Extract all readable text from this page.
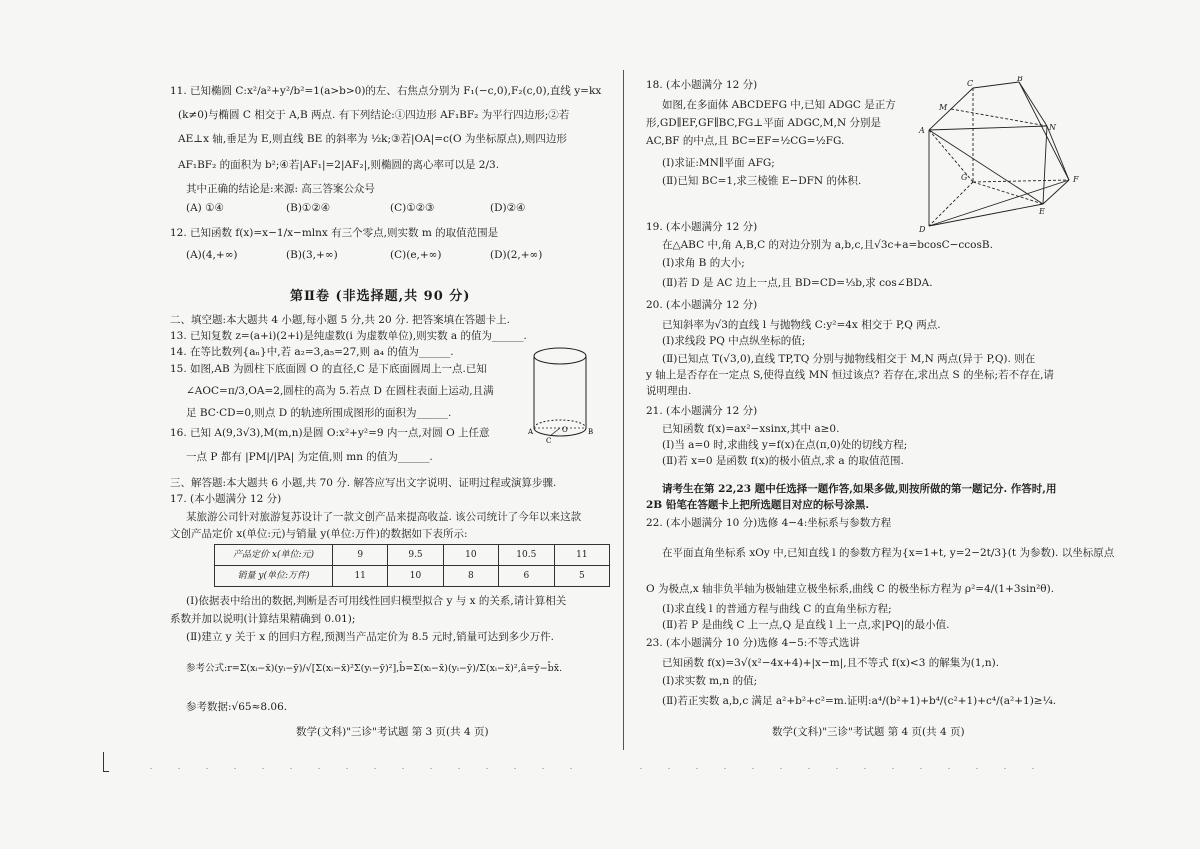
11. 已知椭圆 C:x²/a²+y²/b²=1(a>b>0)的左、右焦点分别为 F₁(−c,0),F₂(c,0),直线 y=kx
(k≠0)与椭圆 C 相交于 A,B 两点. 有下列结论:①四边形 AF₁BF₂ 为平行四边形;②若
AE⊥x 轴,垂足为 E,则直线 BE 的斜率为 ½k;③若|OA|=c(O 为坐标原点),则四边形
AF₁BF₂ 的面积为 b²;④若|AF₁|=2|AF₂|,则椭圆的离心率可以是 2/3.
其中正确的结论是:来源: 高三答案公众号
(A) ①④	(B)①②④	(C)①②③	(D)②④
12. 已知函数 f(x)=x−1/x−mlnx 有三个零点,则实数 m 的取值范围是
(A)(4,+∞)	(B)(3,+∞)	(C)(e,+∞)	(D)(2,+∞)
第Ⅱ卷 (非选择题,共 90 分)
二、填空题:本大题共 4 小题,每小题 5 分,共 20 分. 把答案填在答题卡上.
13. 已知复数 z=(a+i)(2+i)是纯虚数(i 为虚数单位),则实数 a 的值为______.
14. 在等比数列{aₙ}中,若 a₂=3,a₅=27,则 a₄ 的值为______.
15. 如图,AB 为圆柱下底面圆 O 的直径,C 是下底面圆周上一点.已知
∠AOC=π/3,OA=2,圆柱的高为 5.若点 D 在圆柱表面上运动,且满
足 BC·CD=0,则点 D 的轨迹所围成图形的面积为______.
16. 已知 A(9,3√3),M(m,n)是圆 O:x²+y²=9 内一点,对圆 O 上任意
一点 P 都有 |PM|/|PA| 为定值,则 mn 的值为______.
A	O	B
C
三、解答题:本大题共 6 小题,共 70 分. 解答应写出文字说明、证明过程或演算步骤.
17. (本小题满分 12 分)
某旅游公司针对旅游复苏设计了一款文创产品来提高收益. 该公司统计了今年以来这款
文创产品定价 x(单位:元)与销量 y(单位:万件)的数据如下表所示:
产品定价 x(单位:元)	9	9.5	10	10.5	11
销量 y(单位:万件)	11	10	8	6	5
(Ⅰ)依据表中给出的数据,判断是否可用线性回归模型拟合 y 与 x 的关系,请计算相关
系数并加以说明(计算结果精确到 0.01);
(Ⅱ)建立 y 关于 x 的回归方程,预测当产品定价为 8.5 元时,销量可达到多少万件.
参考公式:r=Σ(xᵢ−x̄)(yᵢ−ȳ)/√[Σ(xᵢ−x̄)²Σ(yᵢ−ȳ)²],b̂=Σ(xᵢ−x̄)(yᵢ−ȳ)/Σ(xᵢ−x̄)²,â=ȳ−b̂x̄.
参考数据:√65≈8.06.
数学(文科)"三诊"考试题 第 3 页(共 4 页)
18. (本小题满分 12 分)
如图,在多面体 ABCDEFG 中,已知 ADGC 是正方
形,GD∥EF,GF∥BC,FG⊥平面 ADGC,M,N 分别是
AC,BF 的中点,且 BC=EF=½CG=½FG.
(Ⅰ)求证:MN∥平面 AFG;
(Ⅱ)已知 BC=1,求三棱锥 E−DFN 的体积.
19. (本小题满分 12 分)
在△ABC 中,角 A,B,C 的对边分别为 a,b,c,且√3c+a=bcosC−ccosB.
(Ⅰ)求角 B 的大小;
(Ⅱ)若 D 是 AC 边上一点,且 BD=CD=⅓b,求 cos∠BDA.
20. (本小题满分 12 分)
已知斜率为√3的直线 l 与抛物线 C:y²=4x 相交于 P,Q 两点.
(Ⅰ)求线段 PQ 中点纵坐标的值;
(Ⅱ)已知点 T(√3,0),直线 TP,TQ 分别与抛物线相交于 M,N 两点(异于 P,Q). 则在
y 轴上是否存在一定点 S,使得直线 MN 恒过该点? 若存在,求出点 S 的坐标;若不存在,请
说明理由.
21. (本小题满分 12 分)
已知函数 f(x)=ax²−xsinx,其中 a≥0.
(Ⅰ)当 a=0 时,求曲线 y=f(x)在点(π,0)处的切线方程;
(Ⅱ)若 x=0 是函数 f(x)的极小值点,求 a 的取值范围.
请考生在第 22,23 题中任选择一题作答,如果多做,则按所做的第一题记分. 作答时,用
2B 铅笔在答题卡上把所选题目对应的标号涂黑.
22. (本小题满分 10 分)选修 4−4:坐标系与参数方程
在平面直角坐标系 xOy 中,已知直线 l 的参数方程为{x=1+t, y=2−2t/3}(t 为参数). 以坐标原点
O 为极点,x 轴非负半轴为极轴建立极坐标系,曲线 C 的极坐标方程为 ρ²=4/(1+3sin²θ).
(Ⅰ)求直线 l 的普通方程与曲线 C 的直角坐标方程;
(Ⅱ)若 P 是曲线 C 上一点,Q 是直线 l 上一点,求|PQ|的最小值.
23. (本小题满分 10 分)选修 4−5:不等式选讲
已知函数 f(x)=3√(x²−4x+4)+|x−m|,且不等式 f(x)<3 的解集为(1,n).
(Ⅰ)求实数 m,n 的值;
(Ⅱ)若正实数 a,b,c 满足 a²+b²+c²=m.证明:a⁴/(b²+1)+b⁴/(c²+1)+c⁴/(a²+1)≥¼.
C
B
M
A	N
G	F
E
D
数学(文科)"三诊"考试题 第 4 页(共 4 页)
